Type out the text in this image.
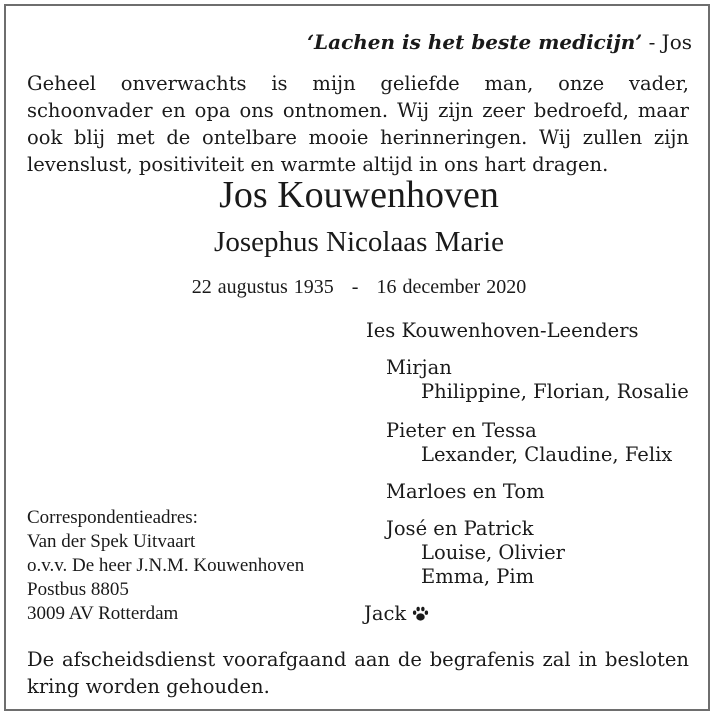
‘Lachen is het beste medicijn’ - Jos
Geheel onverwachts is mijn geliefde man, onze vader, schoonvader en opa ons ontnomen. Wij zijn zeer bedroefd, maar ook blij met de ontelbare mooie herinneringen. Wij zullen zijn levenslust, positiviteit en warmte altijd in ons hart dragen.
Jos Kouwenhoven
Josephus Nicolaas Marie
22 augustus 1935 - 16 december 2020
Ies Kouwenhoven-Leenders
Mirjan
Philippine, Florian, Rosalie
Pieter en Tessa
Lexander, Claudine, Felix
Marloes en Tom
José en Patrick
Louise, Olivier
Emma, Pim
Correspondentieadres:
Van der Spek Uitvaart
o.v.v. De heer J.N.M. Kouwenhoven
Postbus 8805
3009 AV Rotterdam	Jack
De afscheidsdienst voorafgaand aan de begrafenis zal in besloten kring worden gehouden.
